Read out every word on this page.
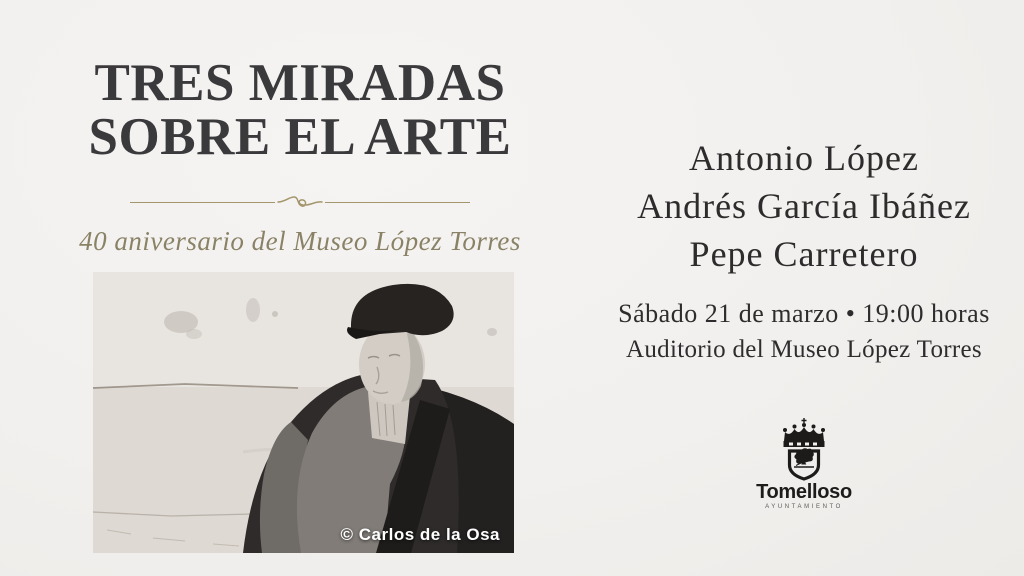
TRES MIRADAS
SOBRE EL ARTE
40 aniversario del Museo López Torres
© Carlos de la Osa
Antonio López
Andrés García Ibáñez
Pepe Carretero
Sábado 21 de marzo • 19:00 horas
Auditorio del Museo López Torres
Tomelloso
AYUNTAMIENTO
